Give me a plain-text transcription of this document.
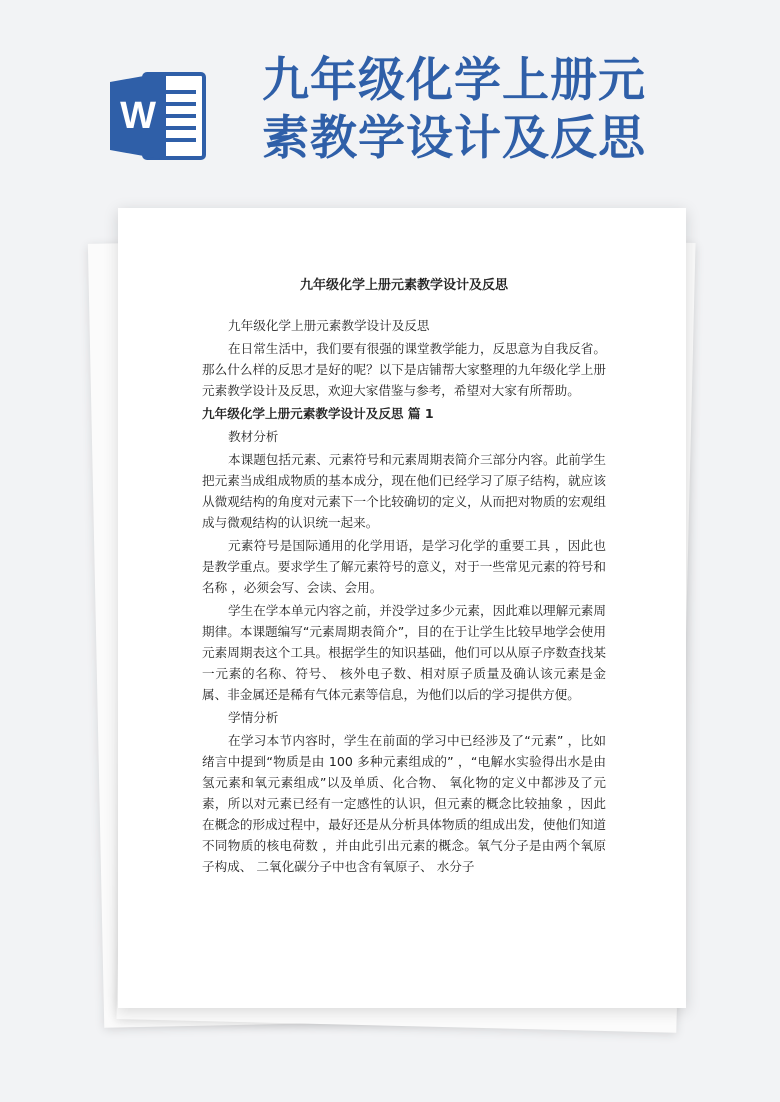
W
九年级化学上册元
素教学设计及反思
九年级化学上册元素教学设计及反思

九年级化学上册元素教学设计及反思

在日常生活中，我们要有很强的课堂教学能力，反思意为自我反省。那么什么样的反思才是好的呢？以下是店铺帮大家整理的九年级化学上册元素教学设计及反思，欢迎大家借鉴与参考，希望对大家有所帮助。

九年级化学上册元素教学设计及反思 篇 1
教材分析

本课题包括元素、元素符号和元素周期表简介三部分内容。此前学生把元素当成组成物质的基本成分，现在他们已经学习了原子结构，就应该从微观结构的角度对元素下一个比较确切的定义，从而把对物质的宏观组成与微观结构的认识统一起来。

元素符号是国际通用的化学用语，是学习化学的重要工具 ，因此也是教学重点。要求学生了解元素符号的意义，对于一些常见元素的符号和名称 ，必须会写、会读、会用。

学生在学本单元内容之前，并没学过多少元素，因此难以理解元素周期律。本课题编写“元素周期表简介”，目的在于让学生比较早地学会使用元素周期表这个工具。根据学生的知识基础，他们可以从原子序数查找某一元素的名称、符号、 核外电子数、相对原子质量及确认该元素是金属、非金属还是稀有气体元素等信息，为他们以后的学习提供方便。

学情分析

在学习本节内容时，学生在前面的学习中已经涉及了“元素” ，比如绪言中提到“物质是由 100 多种元素组成的” ，“电解水实验得出水是由氢元素和氧元素组成”以及单质、化合物、 氧化物的定义中都涉及了元素，所以对元素已经有一定感性的认识，但元素的概念比较抽象 ，因此在概念的形成过程中，最好还是从分析具体物质的组成出发，使他们知道不同物质的核电荷数 ，并由此引出元素的概念。氧气分子是由两个氧原子构成、 二氧化碳分子中也含有氧原子、 水分子
